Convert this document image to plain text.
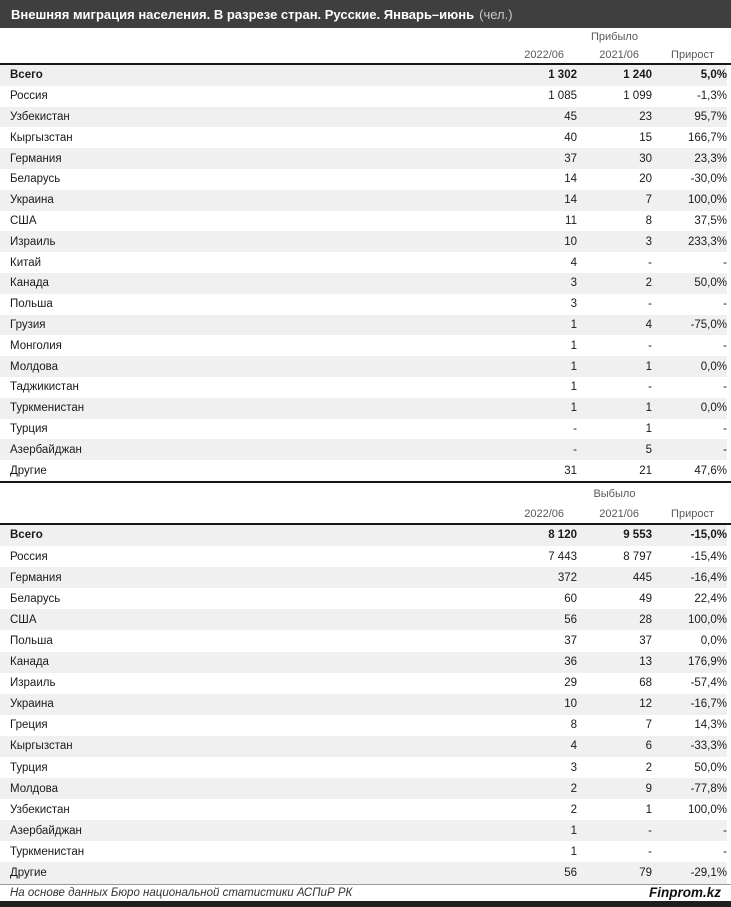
Внешняя миграция населения. В разрезе стран. Русские. Январь–июнь (чел.)
Прибыло
2022/06	2021/06	Прирост
Всего	1 302	1 240	5,0%
Россия	1 085	1 099	-1,3%
Узбекистан	45	23	95,7%
Кыргызстан	40	15	166,7%
Германия	37	30	23,3%
Беларусь	14	20	-30,0%
Украина	14	7	100,0%
США	11	8	37,5%
Израиль	10	3	233,3%
Китай	4	-	-
Канада	3	2	50,0%
Польша	3	-	-
Грузия	1	4	-75,0%
Монголия	1	-	-
Молдова	1	1	0,0%
Таджикистан	1	-	-
Туркменистан	1	1	0,0%
Турция	-	1	-
Азербайджан	-	5	-
Другие	31	21	47,6%
Выбыло
2022/06	2021/06	Прирост
Всего	8 120	9 553	-15,0%
Россия	7 443	8 797	-15,4%
Германия	372	445	-16,4%
Беларусь	60	49	22,4%
США	56	28	100,0%
Польша	37	37	0,0%
Канада	36	13	176,9%
Израиль	29	68	-57,4%
Украина	10	12	-16,7%
Греция	8	7	14,3%
Кыргызстан	4	6	-33,3%
Турция	3	2	50,0%
Молдова	2	9	-77,8%
Узбекистан	2	1	100,0%
Азербайджан	1	-	-
Туркменистан	1	-	-
Другие	56	79	-29,1%
На основе данных Бюро национальной статистики АСПиР РК	Finprom.kz
